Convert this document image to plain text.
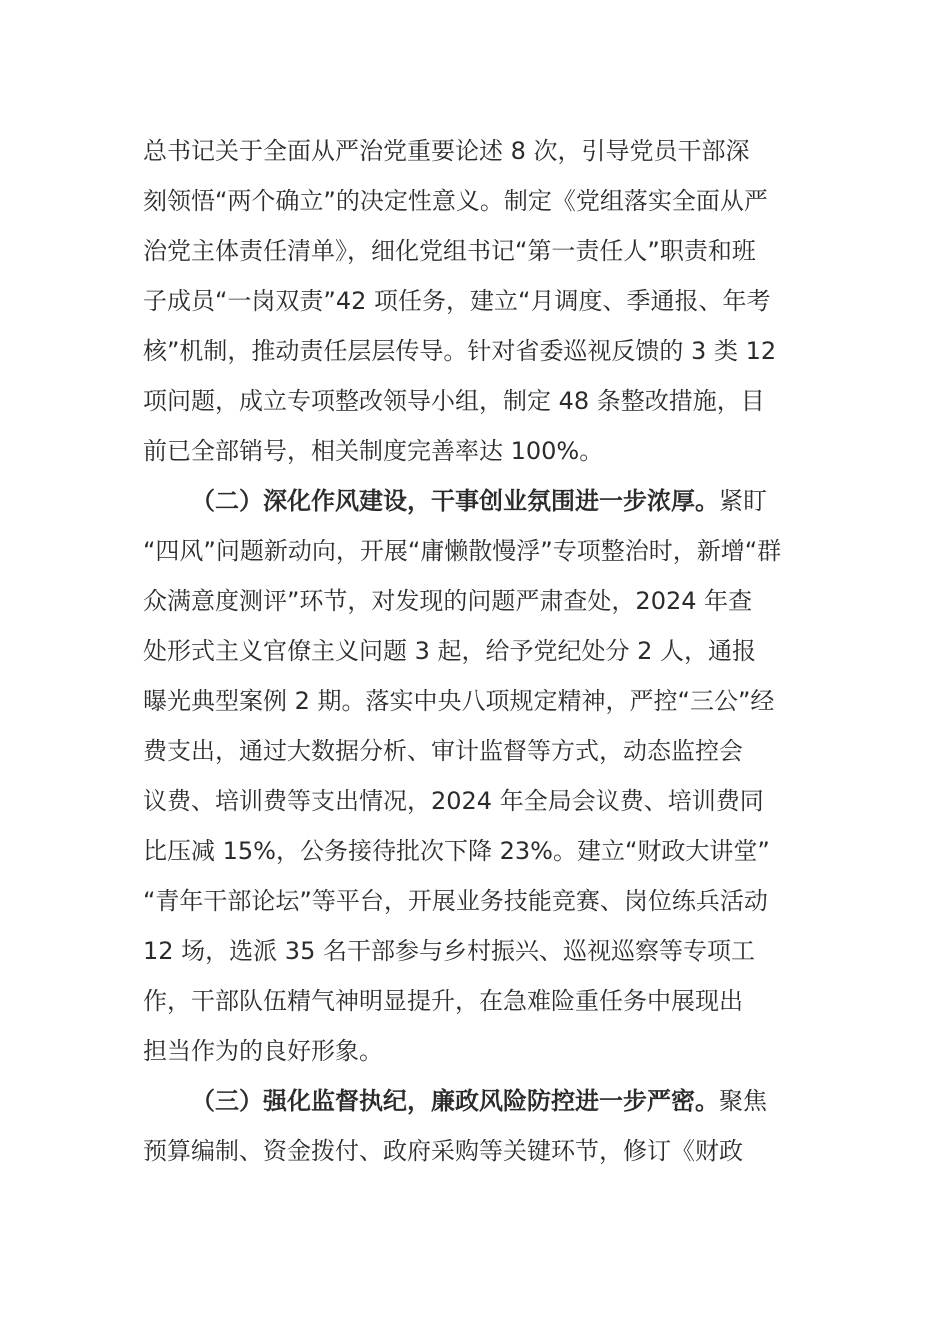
总书记关于全面从严治党重要论述 8 次，引导党员干部深
刻领悟“两个确立”的决定性意义。制定《党组落实全面从严
治党主体责任清单》，细化党组书记“第一责任人”职责和班
子成员“一岗双责”42 项任务，建立“月调度、季通报、年考
核”机制，推动责任层层传导。针对省委巡视反馈的 3 类 12
项问题，成立专项整改领导小组，制定 48 条整改措施，目
前已全部销号，相关制度完善率达 100%。

（二）深化作风建设，干事创业氛围进一步浓厚。紧盯
“四风”问题新动向，开展“庸懒散慢浮”专项整治时，新增“群
众满意度测评”环节，对发现的问题严肃查处，2024 年查
处形式主义官僚主义问题 3 起，给予党纪处分 2 人，通报
曝光典型案例 2 期。落实中央八项规定精神，严控“三公”经
费支出，通过大数据分析、审计监督等方式，动态监控会
议费、培训费等支出情况，2024 年全局会议费、培训费同
比压减 15%，公务接待批次下降 23%。建立“财政大讲堂”
“青年干部论坛”等平台，开展业务技能竞赛、岗位练兵活动
12 场，选派 35 名干部参与乡村振兴、巡视巡察等专项工
作，干部队伍精气神明显提升，在急难险重任务中展现出
担当作为的良好形象。

（三）强化监督执纪，廉政风险防控进一步严密。聚焦
预算编制、资金拨付、政府采购等关键环节，修订《财政
